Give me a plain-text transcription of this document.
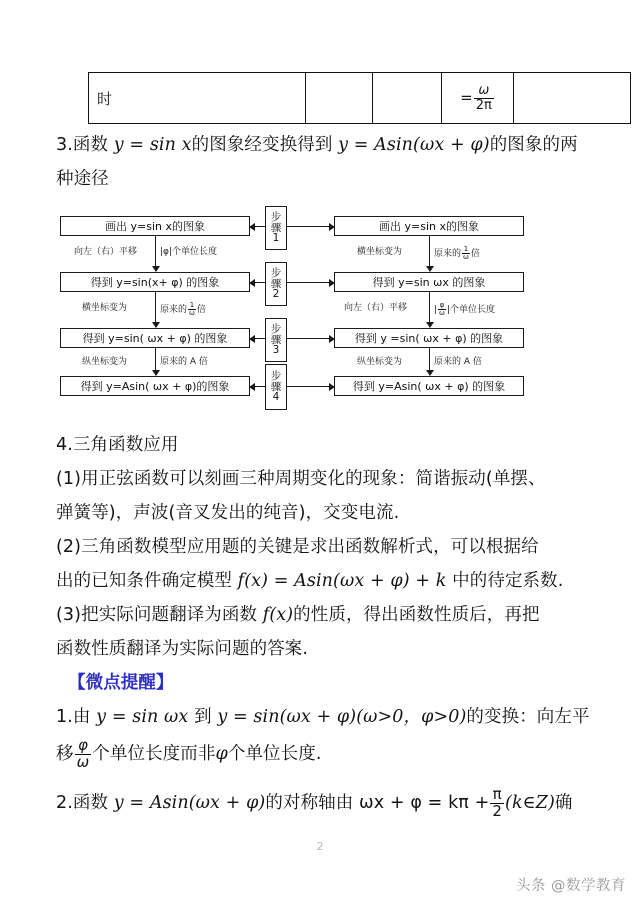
时			= $\frac{\omega}{2\pi}$

3.函数 y = sin x的图象经变换得到 y = Asin(ωx + φ)的图象的两
种途径
步
骤
1
步
骤
2
步
骤
3
步
骤
4
画出 y=sin x的图象
得到 y=sin(x+ φ) 的图象
得到 y=sin( ωx + φ) 的图象
得到 y=Asin( ωx + φ)的图象
画出 y=sin x的图象
得到 y=sin ωx 的图象
得到 y =sin( ωx + φ) 的图象
得到 y=Asin( ωx + φ) 的图象
向左（右）平移	|φ|个单位长度
横坐标变为	原来的 $\frac{1}{\omega}$ 倍
纵坐标变为	原来的 A 倍
横坐标变为	原来的 $\frac{1}{\omega}$ 倍
向左（右）平移	| $\frac{\varphi}{\omega}$ |个单位长度
纵坐标变为	原来的 A 倍
4.三角函数应用
(1)用正弦函数可以刻画三种周期变化的现象：简谐振动(单摆、
弹簧等)，声波(音叉发出的纯音)，交变电流.
(2)三角函数模型应用题的关键是求出函数解析式，可以根据给
出的已知条件确定模型 f(x) = Asin(ωx + φ) + k 中的待定系数.
(3)把实际问题翻译为函数 f(x)的性质，得出函数性质后，再把
函数性质翻译为实际问题的答案.
【微点提醒】
1.由 y = sin ωx 到 y = sin(ωx + φ)(ω>0，φ>0)的变换：向左平
移 $\frac{\varphi}{\omega}$ 个单位长度而非φ个单位长度.
2.函数 y = Asin(ωx + φ)的对称轴由 $\omega x + \varphi = k\pi + \frac{\pi}{2}$ (k∈Z)确
2
头条 @数学教育
